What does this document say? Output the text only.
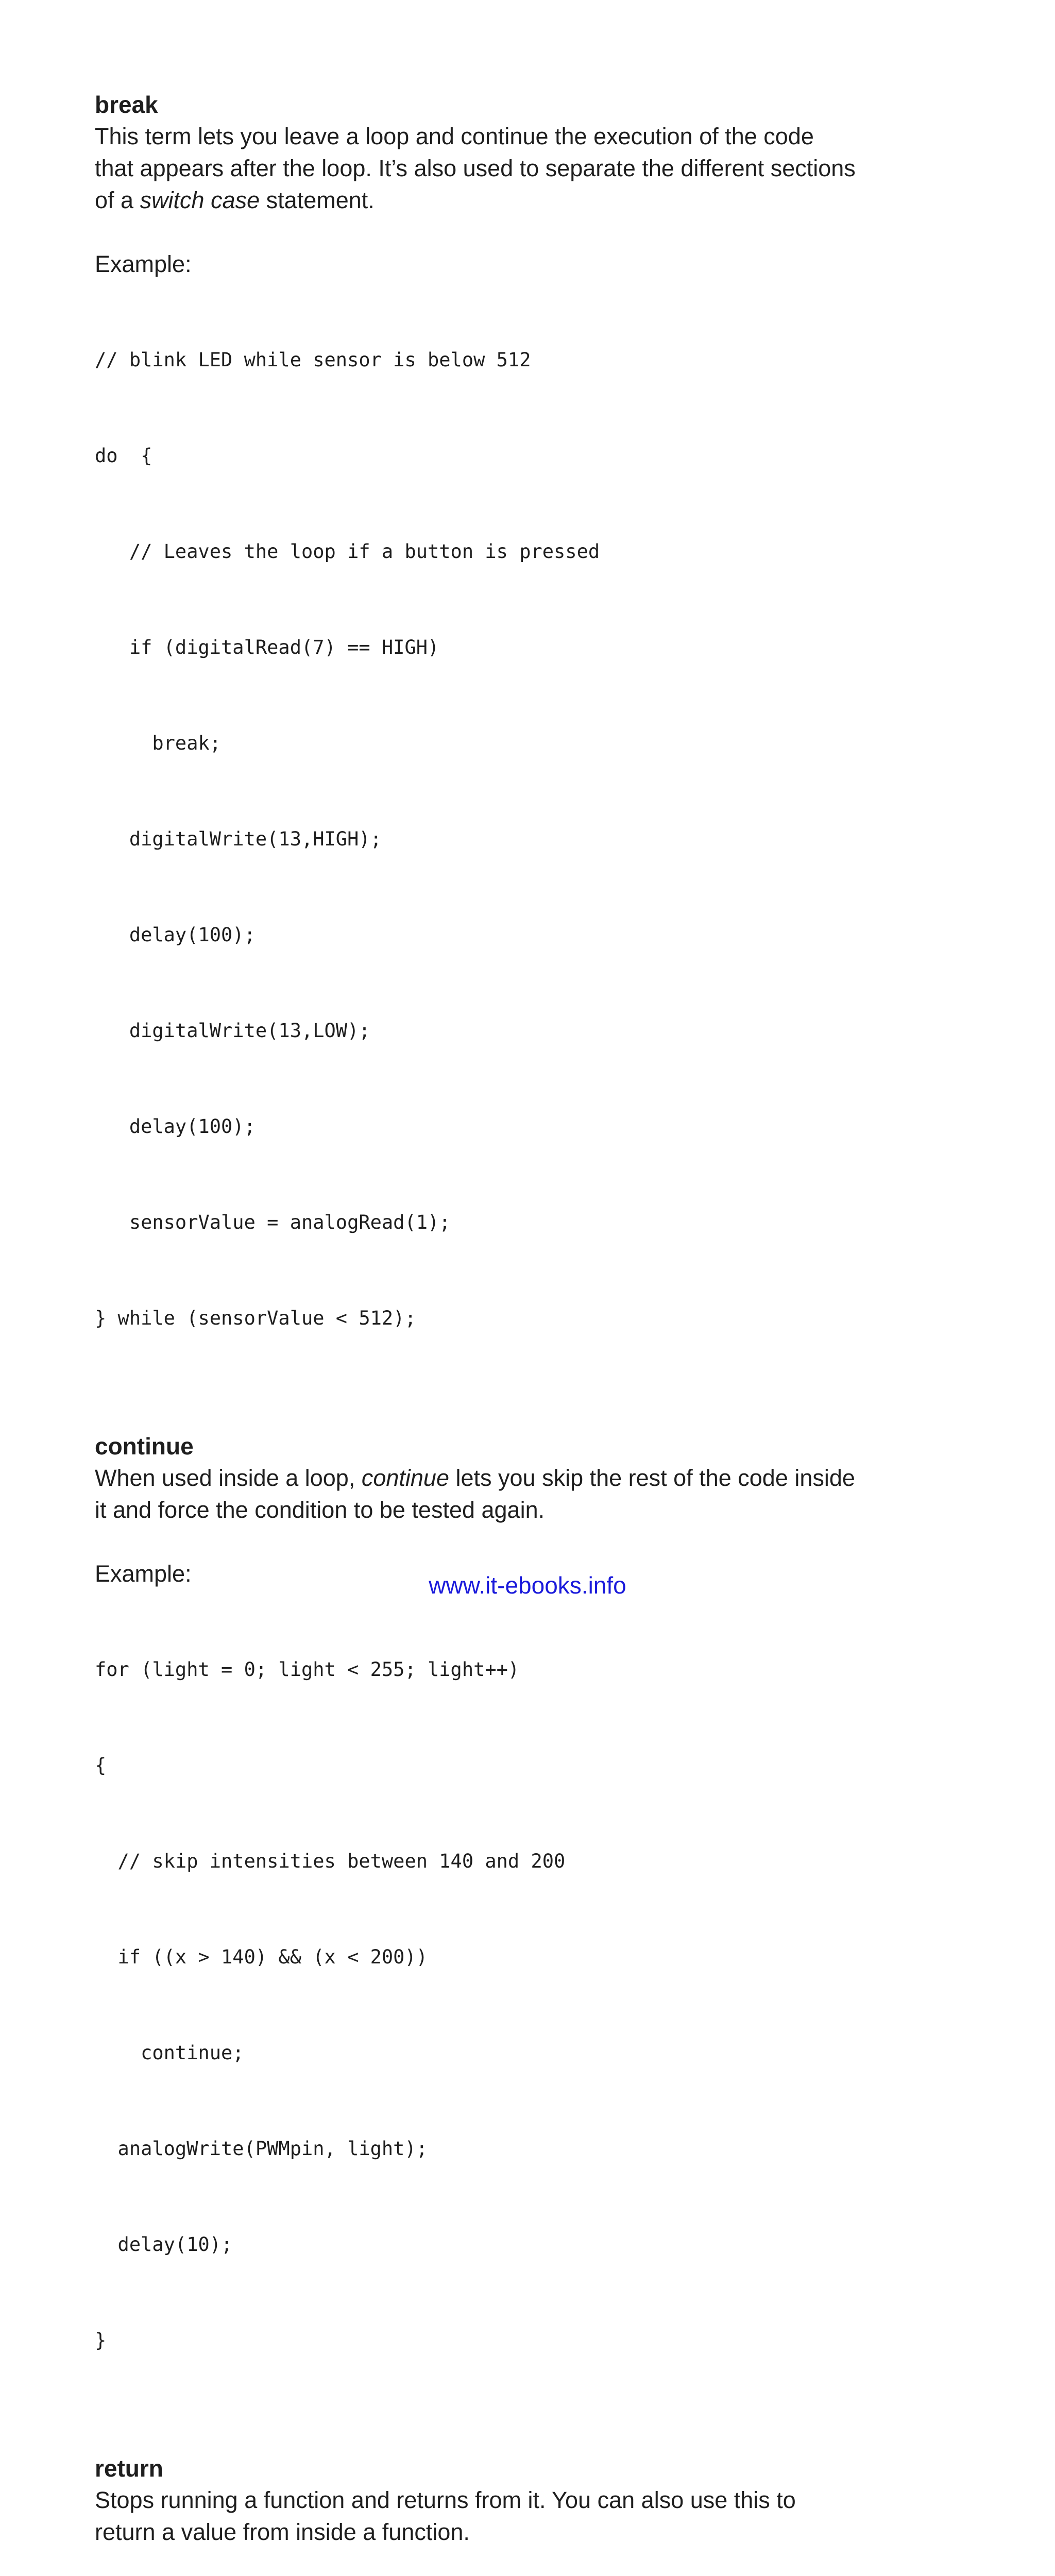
break

This term lets you leave a loop and continue the execution of the code

that appears after the loop. It’s also used to separate the different sections

of a switch case statement.

Example:

// blink LED while sensor is below 512

do  {

// Leaves the loop if a button is pressed

if (digitalRead(7) == HIGH)

break;

digitalWrite(13,HIGH);

delay(100);

digitalWrite(13,LOW);

delay(100);

sensorValue = analogRead(1);

} while (sensorValue < 512);

continue

When used inside a loop, continue lets you skip the rest of the code inside

it and force the condition to be tested again.

Example:

for (light = 0; light < 255; light++)

{

// skip intensities between 140 and 200

if ((x > 140) && (x < 200))

continue;

analogWrite(PWMpin, light);

delay(10);

}

return

Stops running a function and returns from it. You can also use this to

return a value from inside a function.

www.it-ebooks.info
